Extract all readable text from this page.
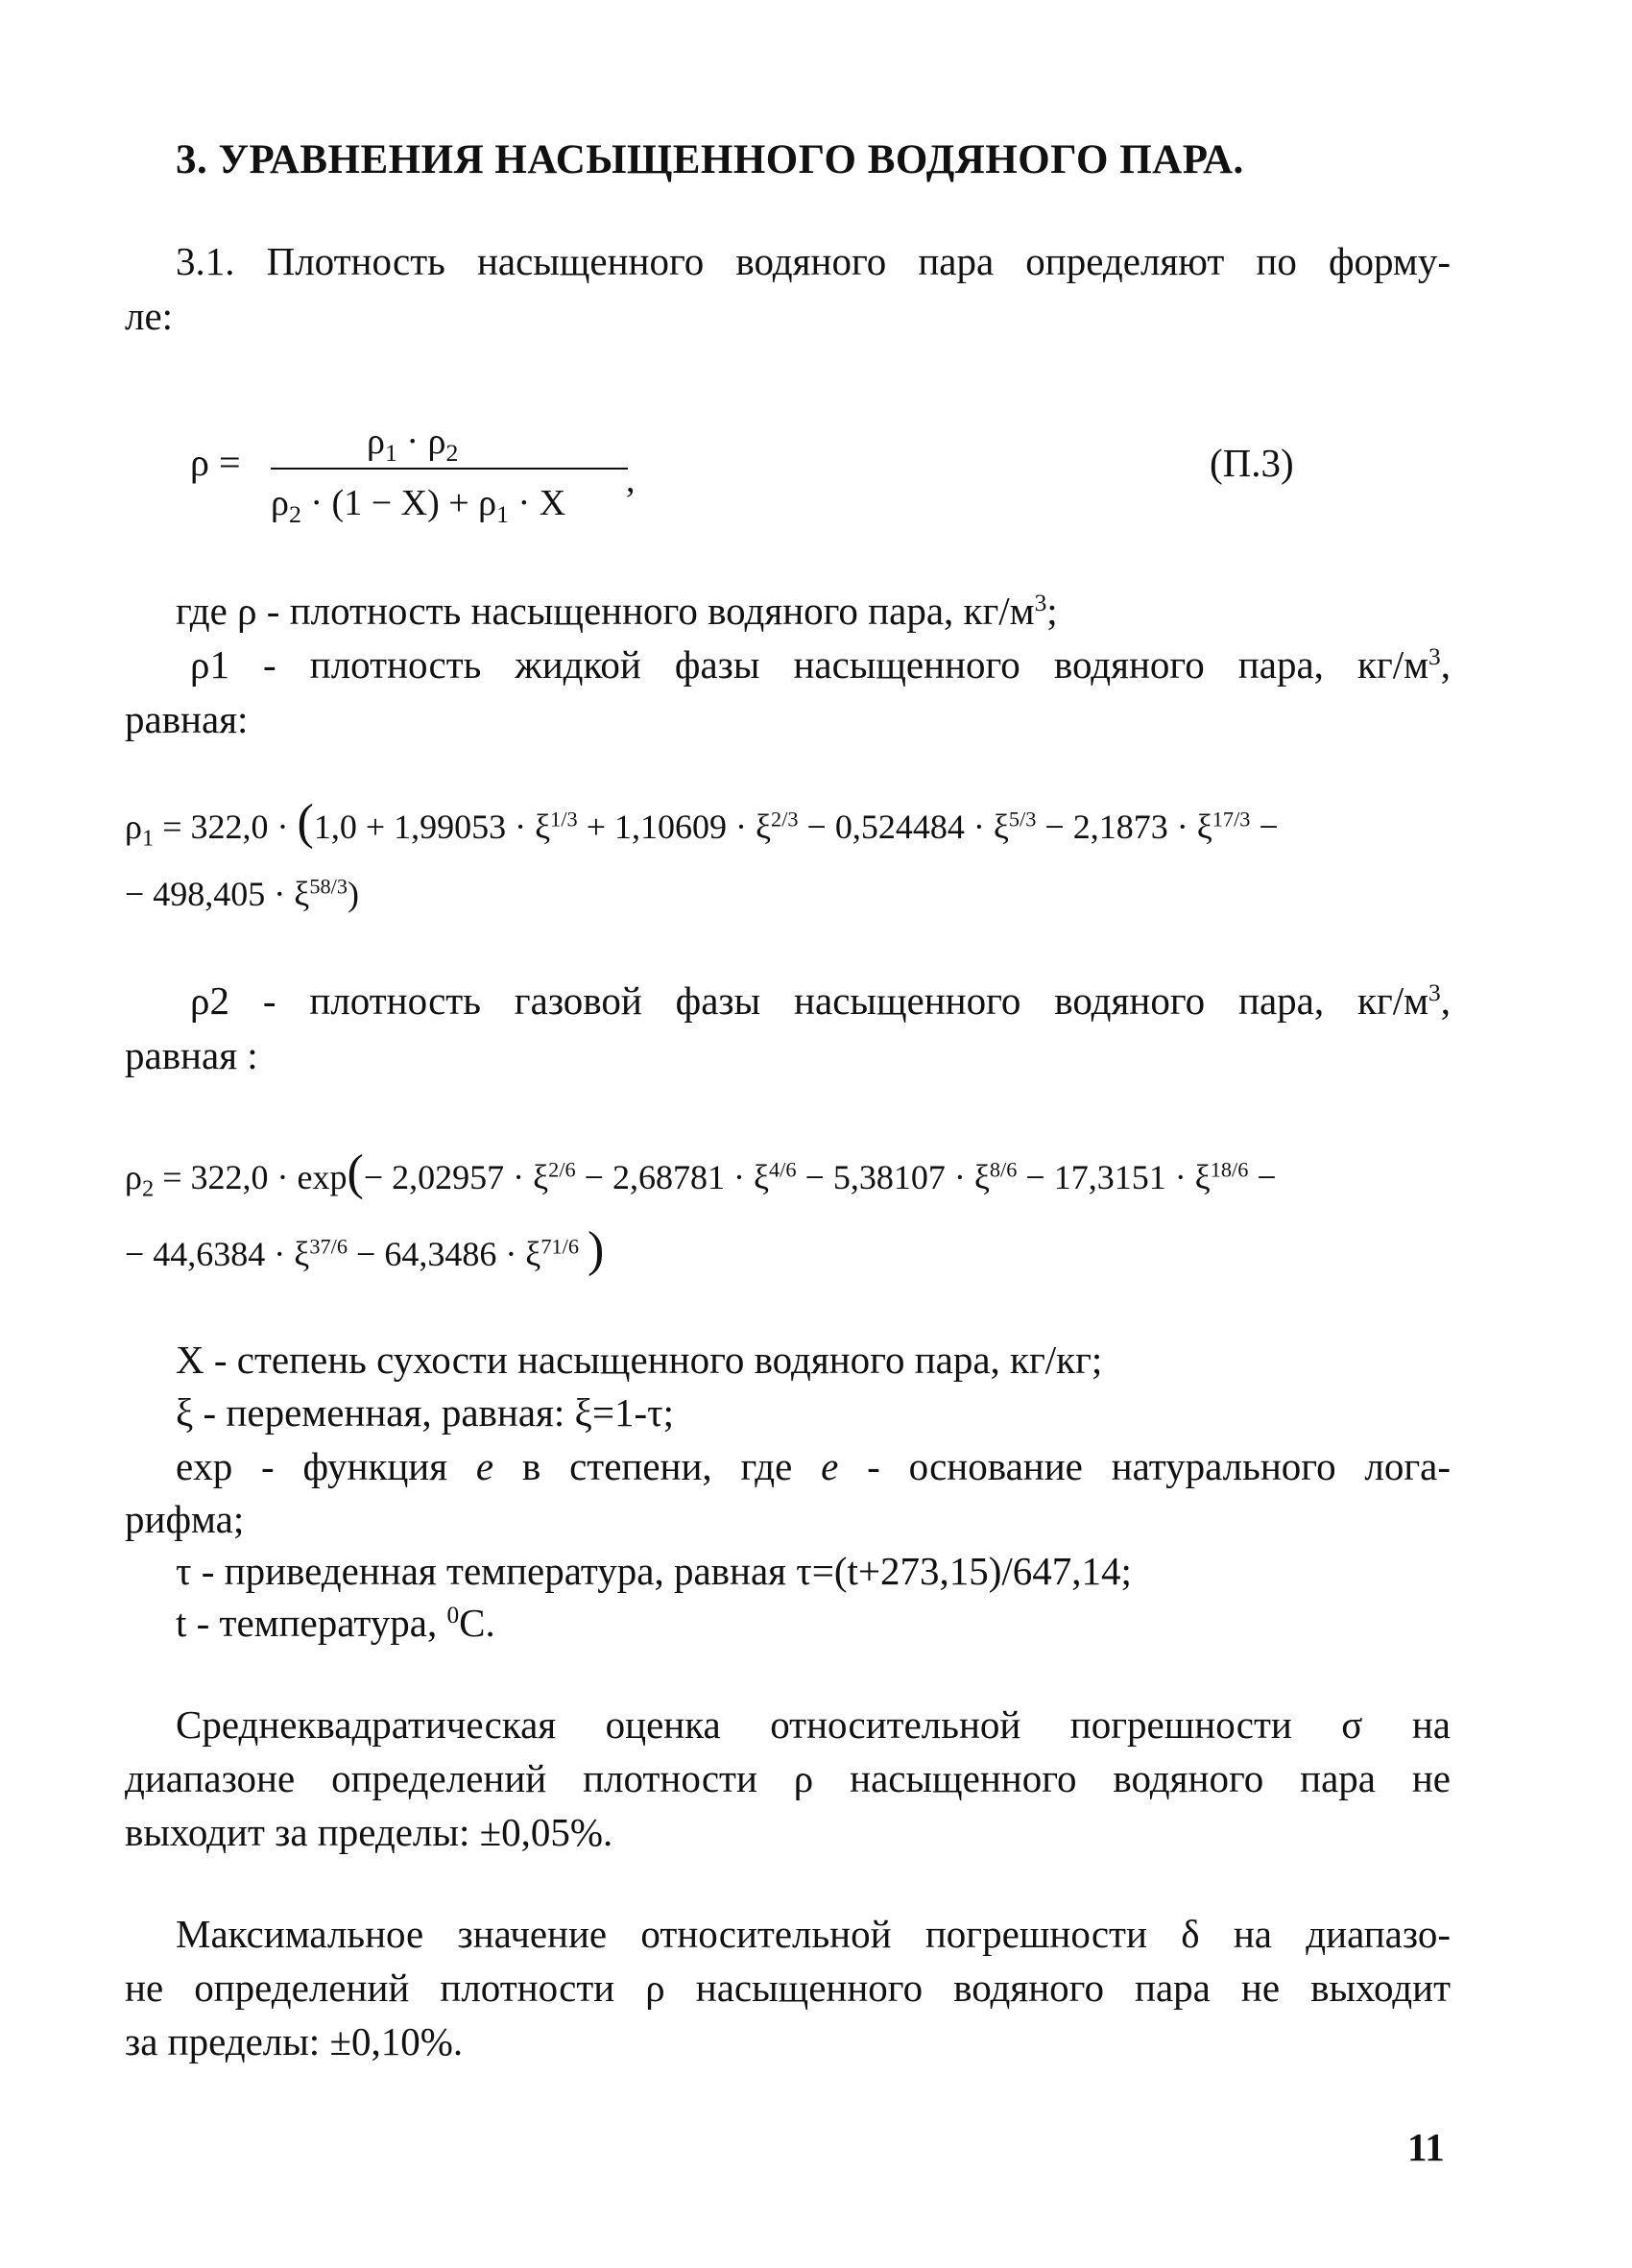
3. УРАВНЕНИЯ НАСЫЩЕННОГО ВОДЯНОГО ПАРА.
3.1. Плотность насыщенного водяного пара определяют по форму-
ле:
ρ =	$\rho_1 \cdot \rho_2$
$\rho_2 \cdot (1 - X) + \rho_1 \cdot X$
,	(П.3)
где ρ - плотность насыщенного водяного пара, $кг/м^3$;
ρ1 - плотность жидкой фазы насыщенного водяного пара, $кг/м^3$,
равная:
$\rho_1 = 322,0 \cdot (1,0 + 1,99053 \cdot \xi^{1/3} + 1,10609 \cdot \xi^{2/3} - 0,524484 \cdot \xi^{5/3} - 2,1873 \cdot \xi^{17/3}$ −
− $498,405 \cdot \xi^{58/3}$)
ρ2 - плотность газовой фазы насыщенного водяного пара, $кг/м^3$,
равная :
$\rho_2 = 322,0 \cdot \exp(- 2,02957 \cdot \xi^{2/6} - 2,68781 \cdot \xi^{4/6} - 5,38107 \cdot \xi^{8/6} - 17,3151 \cdot \xi^{18/6}$ −
− $44,6384 \cdot \xi^{37/6} - 64,3486 \cdot \xi^{71/6}$ )
X - степень сухости насыщенного водяного пара, кг/кг;
ξ - переменная, равная: ξ=1-τ;
exp - функция e в степени, где e - основание натурального лога-
рифма;
τ - приведенная температура, равная τ=(t+273,15)/647,14;
t - температура, $^0$С.
Среднеквадратическая оценка относительной погрешности σ на
диапазоне определений плотности ρ насыщенного водяного пара не
выходит за пределы: ±0,05%.
Максимальное значение относительной погрешности δ на диапазо-
не определений плотности ρ насыщенного водяного пара не выходит
за пределы: ±0,10%.
11
